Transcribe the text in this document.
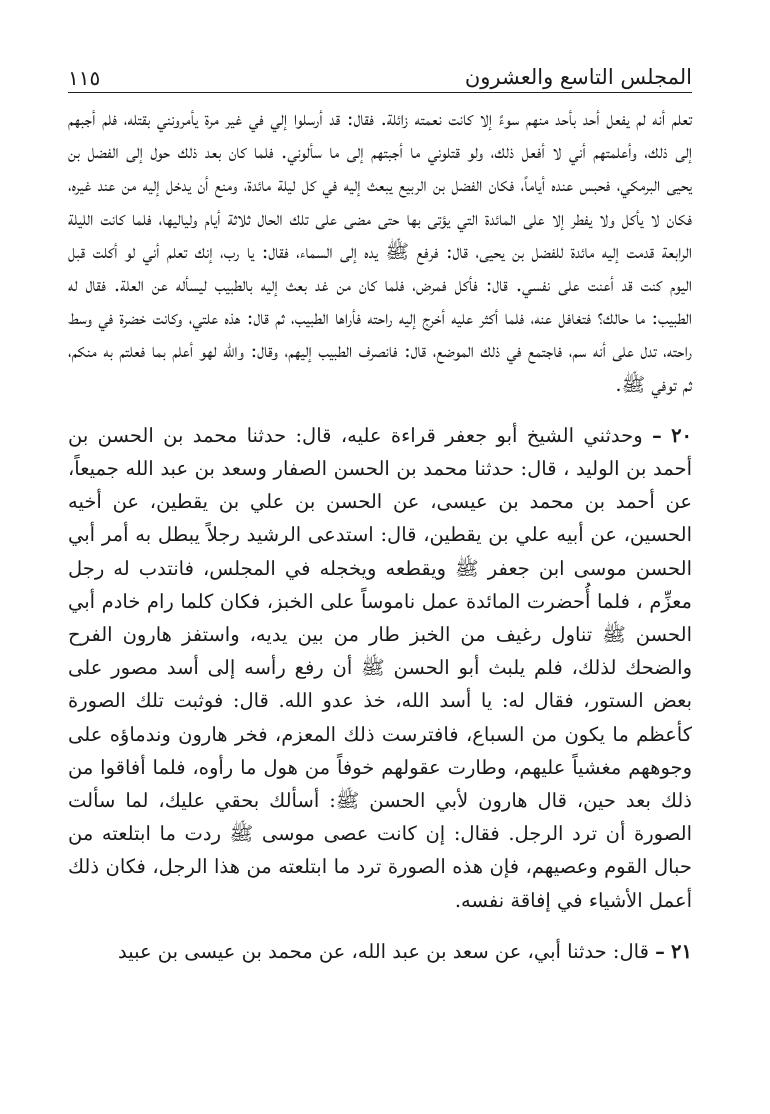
المجلس التاسع والعشرون
١١٥

تعلم أنه لم يفعل أحد بأحد منهم سوءً إلا كانت نعمته زائلة. فقال: قد أرسلوا إلي في غير مرة يأمرونني بقتله، فلم أجبهم إلى ذلك، وأعلمتهم أني لا أفعل ذلك، ولو قتلوني ما أجبتهم إلى ما سألوني. فلما كان بعد ذلك حول إلى الفضل بن يحيى البرمكي، فحبس عنده أياماً، فكان الفضل بن الربيع يبعث إليه في كل ليلة مائدة، ومنع أن يدخل إليه من عند غيره، فكان لا يأكل ولا يفطر إلا على المائدة التي يؤتى بها حتى مضى على تلك الحال ثلاثة أيام ولياليها، فلما كانت الليلة الرابعة قدمت إليه مائدة للفضل بن يحيى، قال: فرفع ﷺ يده إلى السماء، فقال: يا رب، إنك تعلم أني لو أكلت قبل اليوم كنت قد أعنت على نفسي. قال: فأكل فمرض، فلما كان من غد بعث إليه بالطبيب ليسأله عن العلة. فقال له الطبيب: ما حالك؟ فتغافل عنه، فلما أكثر عليه أخرج إليه راحته فأراها الطبيب، ثم قال: هذه علتي، وكانت خضرة في وسط راحته، تدل على أنه سم، فاجتمع في ذلك الموضع، قال: فانصرف الطبيب إليهم، وقال: والله لهو أعلم بما فعلتم به منكم، ثم توفي ﷺ.

٢٠ – وحدثني الشيخ أبو جعفر قراءة عليه، قال: حدثنا محمد بن الحسن بن أحمد بن الوليد ، قال: حدثنا محمد بن الحسن الصفار وسعد بن عبد الله جميعاً، عن أحمد بن محمد بن عيسى، عن الحسن بن علي بن يقطين، عن أخيه الحسين، عن أبيه علي بن يقطين، قال: استدعى الرشيد رجلاً يبطل به أمر أبي الحسن موسى ابن جعفر ﷺ ويقطعه ويخجله في المجلس، فانتدب له رجل معزِّم ، فلما أُحضرت المائدة عمل ناموساً على الخبز، فكان كلما رام خادم أبي الحسن ﷺ تناول رغيف من الخبز طار من بين يديه، واستفز هارون الفرح والضحك لذلك، فلم يلبث أبو الحسن ﷺ أن رفع رأسه إلى أسد مصور على بعض الستور، فقال له: يا أسد الله، خذ عدو الله. قال: فوثبت تلك الصورة كأعظم ما يكون من السباع، فافترست ذلك المعزم، فخر هارون وندماؤه على وجوههم مغشياً عليهم، وطارت عقولهم خوفاً من هول ما رأوه، فلما أفاقوا من ذلك بعد حين، قال هارون لأبي الحسن ﷺ: أسألك بحقي عليك، لما سألت الصورة أن ترد الرجل. فقال: إن كانت عصى موسى ﷺ ردت ما ابتلعته من حبال القوم وعصيهم، فإن هذه الصورة ترد ما ابتلعته من هذا الرجل، فكان ذلك أعمل الأشياء في إفاقة نفسه.

٢١ – قال: حدثنا أبي، عن سعد بن عبد الله، عن محمد بن عيسى بن عبيد
